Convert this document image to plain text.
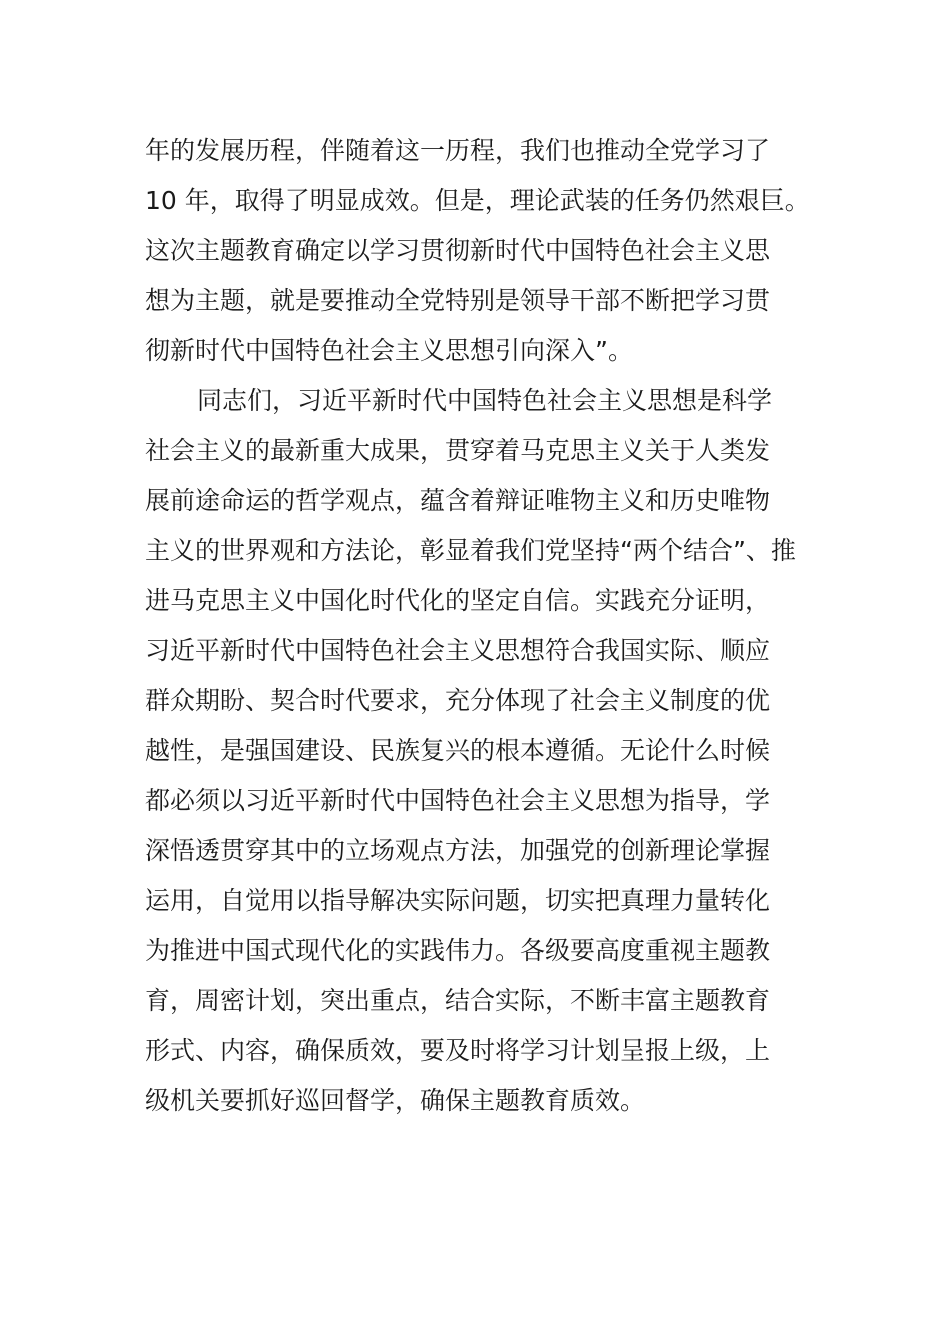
年的发展历程，伴随着这一历程，我们也推动全党学习了
10 年，取得了明显成效。但是，理论武装的任务仍然艰巨。
这次主题教育确定以学习贯彻新时代中国特色社会主义思
想为主题，就是要推动全党特别是领导干部不断把学习贯
彻新时代中国特色社会主义思想引向深入”。
同志们，习近平新时代中国特色社会主义思想是科学
社会主义的最新重大成果，贯穿着马克思主义关于人类发
展前途命运的哲学观点，蕴含着辩证唯物主义和历史唯物
主义的世界观和方法论，彰显着我们党坚持“两个结合”、推
进马克思主义中国化时代化的坚定自信。实践充分证明，
习近平新时代中国特色社会主义思想符合我国实际、顺应
群众期盼、契合时代要求，充分体现了社会主义制度的优
越性，是强国建设、民族复兴的根本遵循。无论什么时候
都必须以习近平新时代中国特色社会主义思想为指导，学
深悟透贯穿其中的立场观点方法，加强党的创新理论掌握
运用，自觉用以指导解决实际问题，切实把真理力量转化
为推进中国式现代化的实践伟力。各级要高度重视主题教
育，周密计划，突出重点，结合实际，不断丰富主题教育
形式、内容，确保质效，要及时将学习计划呈报上级，上
级机关要抓好巡回督学，确保主题教育质效。
